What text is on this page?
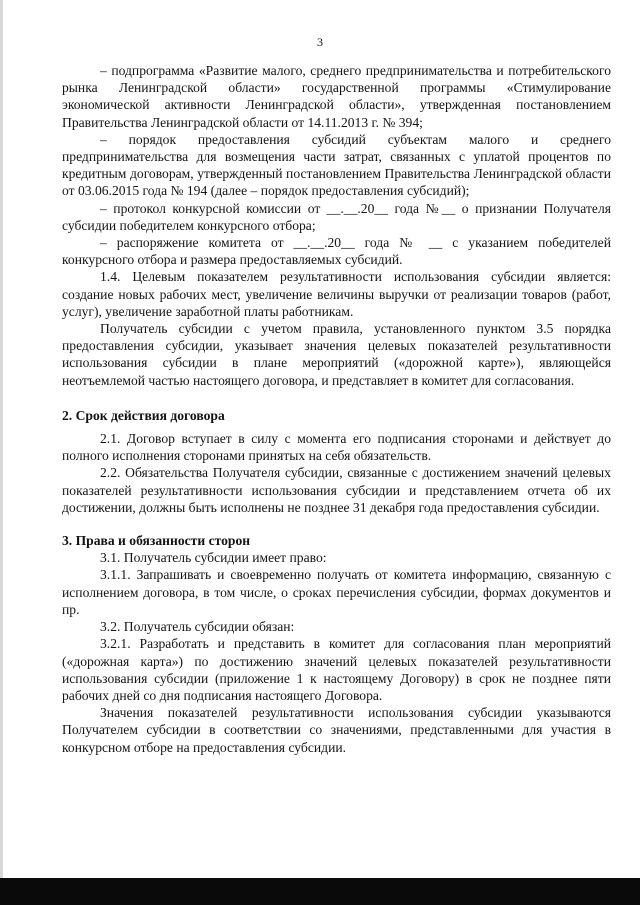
3

– подпрограмма «Развитие малого, среднего предпринимательства и потребительского рынка Ленинградской области» государственной программы «Стимулирование экономической активности Ленинградской области», утвержденная постановлением Правительства Ленинградской области от 14.11.2013 г. № 394;

– порядок предоставления субсидий субъектам малого и среднего предпринимательства для возмещения части затрат, связанных с уплатой процентов по кредитным договорам, утвержденный постановлением Правительства Ленинградской области от 03.06.2015 года № 194 (далее – порядок предоставления субсидий);

– протокол конкурсной комиссии от __.__.20__ года №__ о признании Получателя субсидии победителем конкурсного отбора;

– распоряжение комитета от __.__.20__ года № __ с указанием победителей конкурсного отбора и размера предоставляемых субсидий.

1.4. Целевым показателем результативности использования субсидии является: создание новых рабочих мест, увеличение величины выручки от реализации товаров (работ, услуг), увеличение заработной платы работникам.

Получатель субсидии с учетом правила, установленного пунктом 3.5 порядка предоставления субсидии, указывает значения целевых показателей результативности использования субсидии в плане мероприятий («дорожной карте»), являющейся неотъемлемой частью настоящего договора, и представляет в комитет для согласования.

2. Срок действия договора

2.1. Договор вступает в силу с момента его подписания сторонами и действует до полного исполнения сторонами принятых на себя обязательств.

2.2. Обязательства Получателя субсидии, связанные с достижением значений целевых показателей результативности использования субсидии и представлением отчета об их достижении, должны быть исполнены не позднее 31 декабря года предоставления субсидии.

3. Права и обязанности сторон

3.1. Получатель субсидии имеет право:

3.1.1. Запрашивать и своевременно получать от комитета информацию, связанную с исполнением договора, в том числе, о сроках перечисления субсидии, формах документов и пр.

3.2. Получатель субсидии обязан:

3.2.1. Разработать и представить в комитет для согласования план мероприятий («дорожная карта») по достижению значений целевых показателей результативности использования субсидии (приложение 1 к настоящему Договору) в срок не позднее пяти рабочих дней со дня подписания настоящего Договора.

Значения показателей результативности использования субсидии указываются Получателем субсидии в соответствии со значениями, представленными для участия в конкурсном отборе на предоставления субсидии.
